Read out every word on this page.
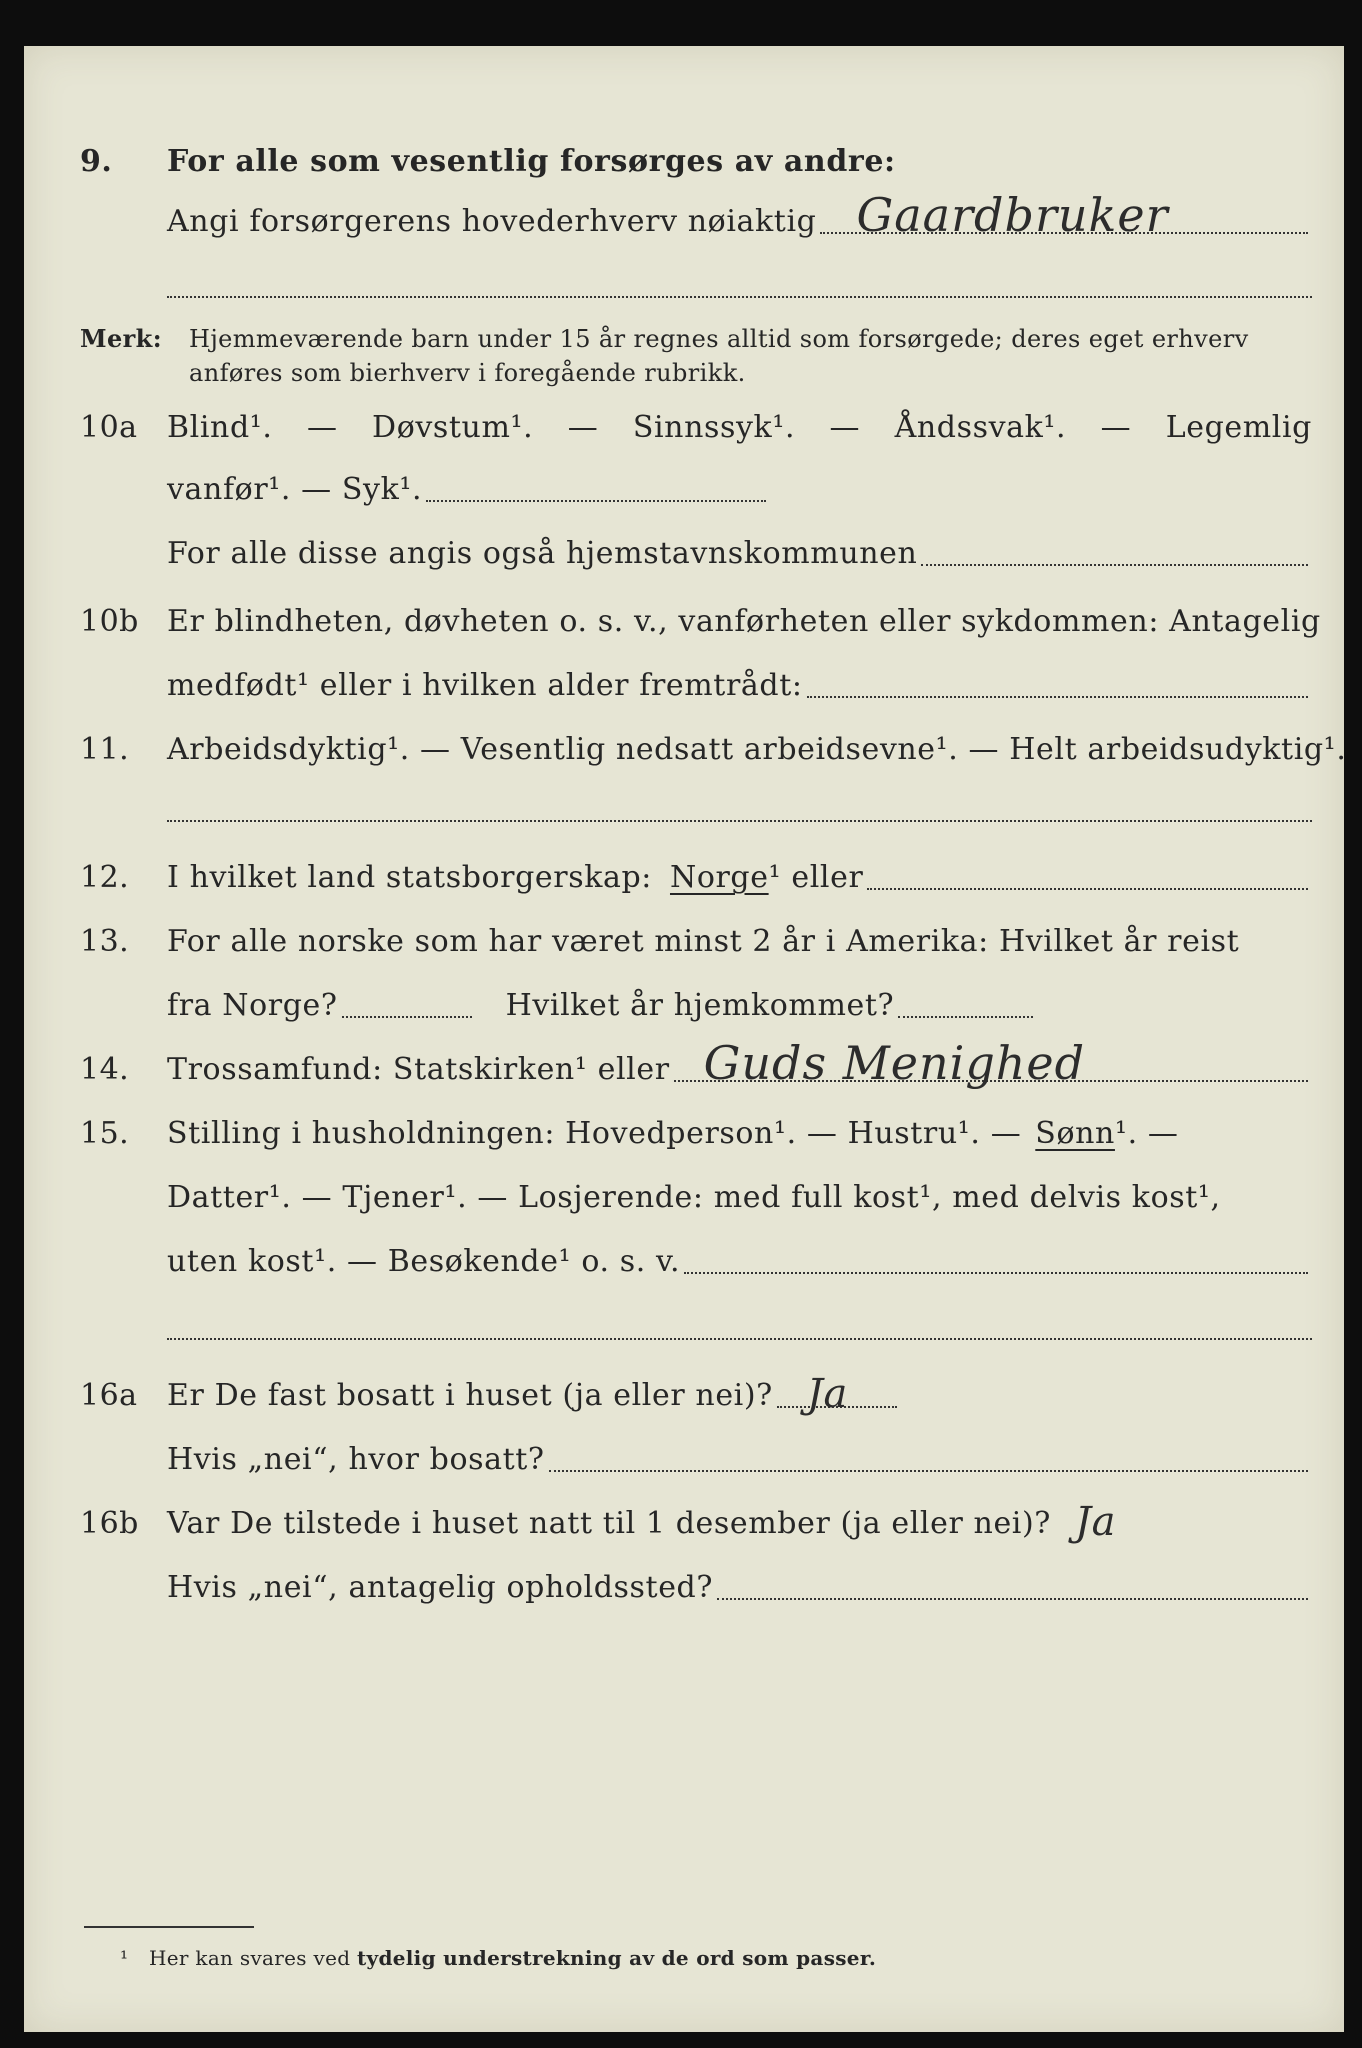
9.	For alle som vesentlig forsørges av andre:
Angi forsørgerens hovederhverv nøiaktig Gaardbruker
Merk:	Hjemmeværende barn under 15 år regnes alltid som forsørgede; deres eget erhverv
anføres som bierhverv i foregående rubrikk.
10a Blind¹. — Døvstum¹. — Sinnssyk¹. — Åndssvak¹. — Legemlig
vanfør¹. — Syk¹.
For alle disse angis også hjemstavnskommunen
10b Er blindheten, døvheten o. s. v., vanførheten eller sykdommen: Antagelig
medfødt¹ eller i hvilken alder fremtrådt:
11.	Arbeidsdyktig¹. — Vesentlig nedsatt arbeidsevne¹. — Helt arbeidsudyktig¹.
12.	I hvilket land statsborgerskap: Norge ¹ eller
13.	For alle norske som har været minst 2 år i Amerika: Hvilket år reist
fra Norge?	Hvilket år hjemkommet?
14.	Trossamfund: Statskirken¹ eller Guds Menighed
15.	Stilling i husholdningen: Hovedperson¹. — Hustru¹. — Sønn ¹. —
Datter¹. — Tjener¹. — Losjerende: med full kost¹, med delvis kost¹,
uten kost¹. — Besøkende¹ o. s. v.
16a Er De fast bosatt i huset (ja eller nei)? Ja
Hvis „nei“, hvor bosatt?
16b Var De tilstede i huset natt til 1 desember (ja eller nei)? Ja
Hvis „nei“, antagelig opholdssted?
¹ Her kan svares ved tydelig understrekning av de ord som passer.
